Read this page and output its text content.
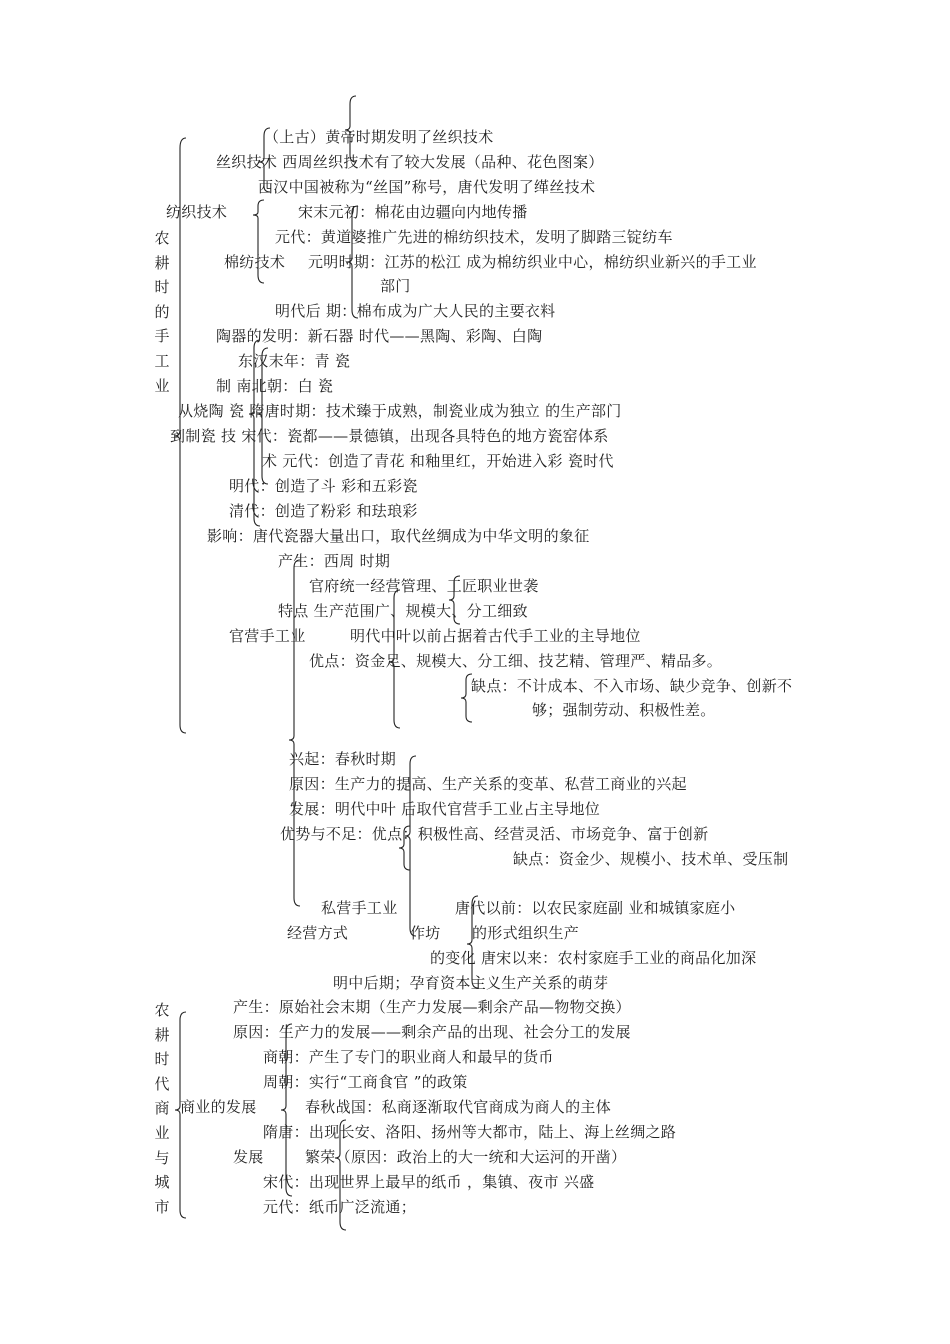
农耕时的手工业
农耕时代商业与城市
（上古）黄帝时期发明了丝织技术
丝织技术 西周丝织技术有了较大发展（品种、花色图案）
西汉中国被称为“丝国”称号，唐代发明了缂丝技术
纺织技术	宋末元初：棉花由边疆向内地传播
元代：黄道婆推广先进的棉纺织技术，发明了脚踏三锭纺车
棉纺技术 元明时期：江苏的松江 成为棉纺织业中心，棉纺织业新兴的手工业
部门
明代后 期：棉布成为广大人民的主要衣料
陶器的发明：新石器 时代——黑陶、彩陶、白陶
东汉末年：青 瓷
制 南北朝：白 瓷
从烧陶 瓷 隋唐时期：技术臻于成熟，制瓷业成为独立 的生产部门
到制瓷 技 宋代：瓷都——景德镇，出现各具特色的地方瓷窑体系
术 元代：创造了青花 和釉里红，开始进入彩 瓷时代
明代：创造了斗 彩和五彩瓷
清代：创造了粉彩 和珐琅彩
影响：唐代瓷器大量出口，取代丝绸成为中华文明的象征
产生：西周 时期
官府统一经营管理、工匠职业世袭
特点 生产范围广、规模大、分工细致
官营手工业	明代中叶以前占据着古代手工业的主导地位
优点：资金足、规模大、分工细、技艺精、管理严、精品多。
缺点：不计成本、不入市场、缺少竞争、创新不
够；强制劳动、积极性差。
兴起：春秋时期
原因：生产力的提高、生产关系的变革、私营工商业的兴起
发展：明代中叶 后取代官营手工业占主导地位
优势与不足：优点：积极性高、经营灵活、市场竞争、富于创新
缺点：资金少、规模小、技术单、受压制
私营手工业	唐代以前：以农民家庭副 业和城镇家庭小
经营方式	作坊 的形式组织生产
的变化 唐宋以来：农村家庭手工业的商品化加深
明中后期；孕育资本主义生产关系的萌芽
产生：原始社会末期（生产力发展—剩余产品—物物交换）
原因：生产力的发展——剩余产品的出现、社会分工的发展
商朝：产生了专门的职业商人和最早的货币
周朝：实行“工商食官 ”的政策
商业的发展	春秋战国：私商逐渐取代官商成为商人的主体
隋唐：出现长安、洛阳、扬州等大都市，陆上、海上丝绸之路
发展	繁荣（原因：政治上的大一统和大运河的开凿）
宋代：出现世界上最早的纸币 ，集镇、夜市 兴盛
元代：纸币广泛流通；
